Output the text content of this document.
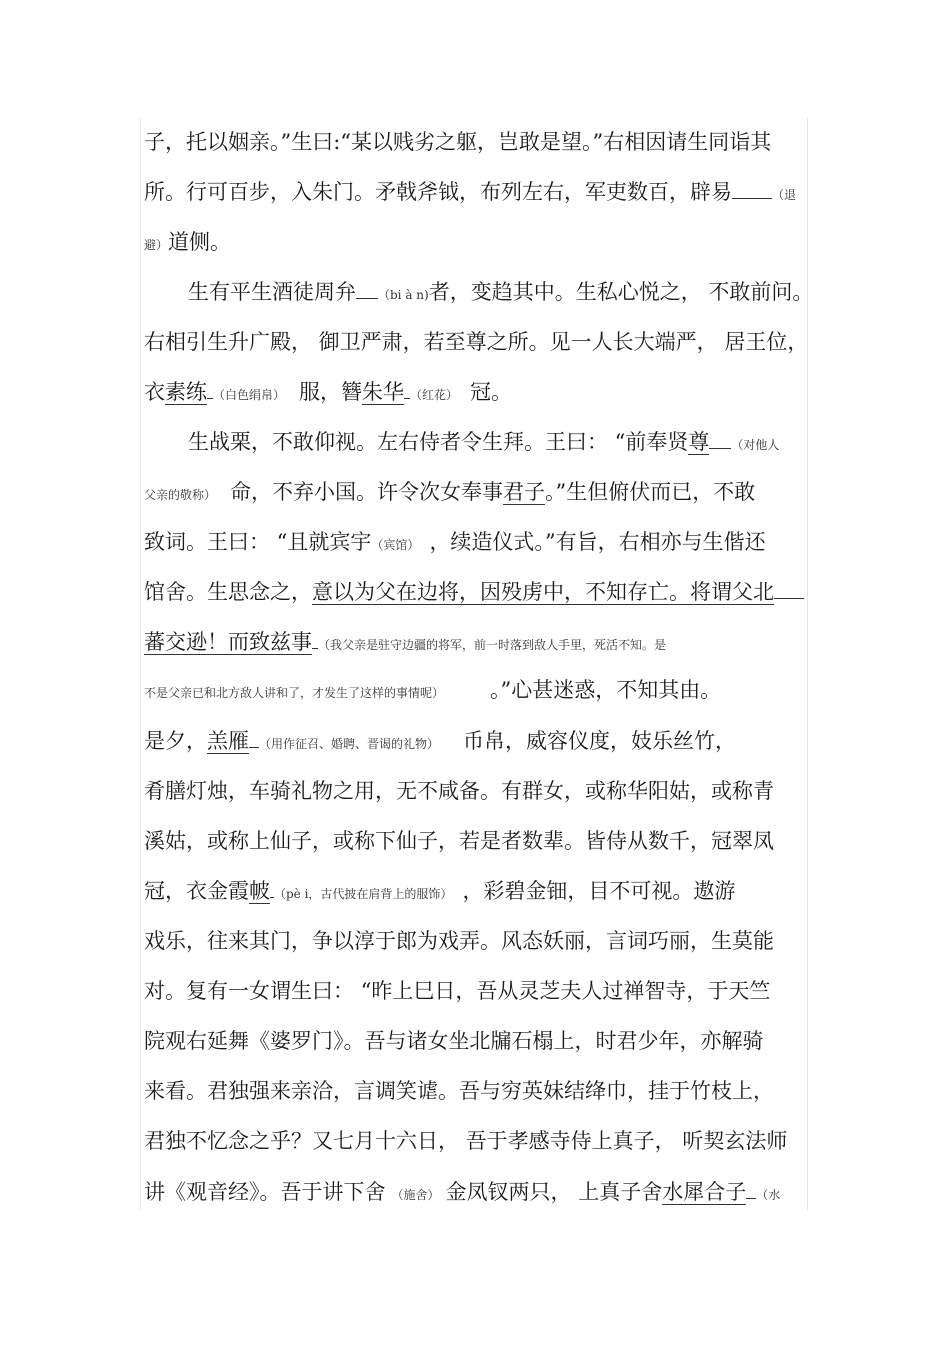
子，托以姻亲。”生曰:“某以贱劣之躯，岂敢是望。”右相因请生同诣其
所。行可百步，入朱门。矛戟斧钺，布列左右，军吏数百，辟易	（退
避）道侧。
生有平生酒徒周弁 （bi à n)者，变趋其中。生私心悦之， 不敢前问。
右相引生升广殿， 御卫严肃，若至尊之所。见一人长大端严， 居王位，
衣素练 （白色绢帛） 服，簪朱华 （红花） 冠。
生战栗，不敢仰视。左右侍者令生拜。王曰： “前奉贤尊 （对他人
父亲的敬称） 命，不弃小国。许令次女奉事君子。”生但俯伏而已，不敢
致词。王曰： “且就宾宇（宾馆） ，续造仪式。”有旨，右相亦与生偕还
馆舍。生思念之，意以为父在边将，因殁虏中，不知存亡。将谓父北
蕃交逊！而致兹事 （我父亲是驻守边疆的将军，前一时落到敌人手里，死活不知。是
不是父亲已和北方敌人讲和了，才发生了这样的事情呢） 。”心甚迷惑，不知其由。
是夕，羔雁 （用作征召、婚聘、晋谒的礼物） 币帛，威容仪度，妓乐丝竹，
肴膳灯烛，车骑礼物之用，无不咸备。有群女，或称华阳姑，或称青
溪姑，或称上仙子，或称下仙子，若是者数辈。皆侍从数千，冠翠凤
冠，衣金霞帔 （pè i，古代披在肩背上的服饰） ，彩碧金钿，目不可视。遨游
戏乐，往来其门，争以淳于郎为戏弄。风态妖丽，言词巧丽，生莫能
对。复有一女谓生曰： “昨上巳日，吾从灵芝夫人过禅智寺，于天竺
院观右延舞《婆罗门》。吾与诸女坐北牖石榻上，时君少年，亦解骑
来看。君独强来亲洽，言调笑谑。吾与穷英妹结绛巾，挂于竹枝上，
君独不忆念之乎？又七月十六日， 吾于孝感寺侍上真子， 听契玄法师
讲《观音经》。吾于讲下舍 （施舍） 金凤钗两只， 上真子舍水犀合子 （水
